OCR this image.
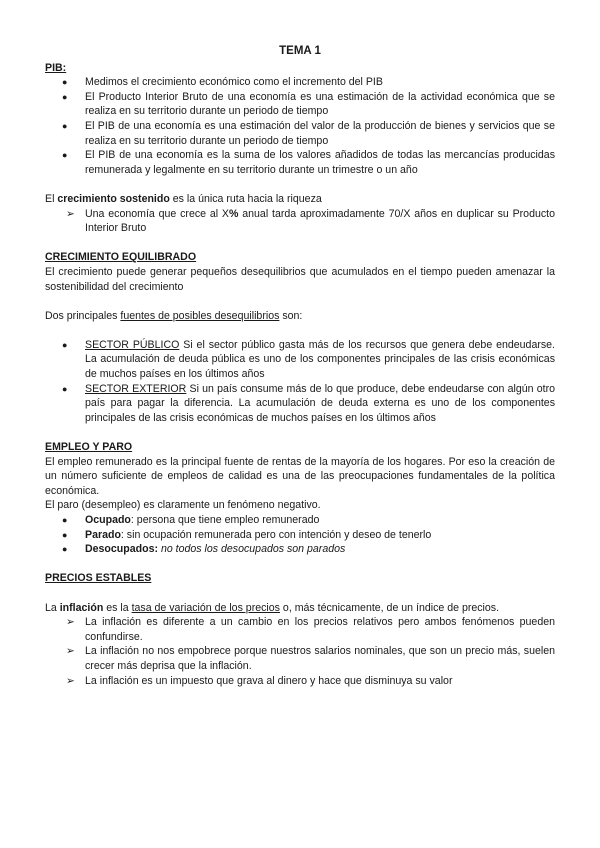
TEMA 1
PIB:
● Medimos el crecimiento económico como el incremento del PIB
● El Producto Interior Bruto de una economía es una estimación de la actividad económica que se realiza en su territorio durante un periodo de tiempo
● El PIB de una economía es una estimación del valor de la producción de bienes y servicios que se realiza en su territorio durante un periodo de tiempo
● El PIB de una economía es la suma de los valores añadidos de todas las mercancías producidas remunerada y legalmente en su territorio durante un trimestre o un año

El crecimiento sostenido es la única ruta hacia la riqueza

➢ Una economía que crece al X% anual tarda aproximadamente 70/X años en duplicar su Producto Interior Bruto
CRECIMIENTO EQUILIBRADO

El crecimiento puede generar pequeños desequilibrios que acumulados en el tiempo pueden amenazar la sostenibilidad del crecimiento

Dos principales fuentes de posibles desequilibrios son:

● SECTOR PÚBLICO Si el sector público gasta más de los recursos que genera debe endeudarse. La acumulación de deuda pública es uno de los componentes principales de las crisis económicas de muchos países en los últimos años
● SECTOR EXTERIOR Si un país consume más de lo que produce, debe endeudarse con algún otro país para pagar la diferencia. La acumulación de deuda externa es uno de los componentes principales de las crisis económicas de muchos países en los últimos años
EMPLEO Y PARO

El empleo remunerado es la principal fuente de rentas de la mayoría de los hogares. Por eso la creación de un número suficiente de empleos de calidad es una de las preocupaciones fundamentales de la política económica.

El paro (desempleo) es claramente un fenómeno negativo.

● Ocupado: persona que tiene empleo remunerado
● Parado: sin ocupación remunerada pero con intención y deseo de tenerlo
● Desocupados: no todos los desocupados son parados
PRECIOS ESTABLES

La inflación es la tasa de variación de los precios o, más técnicamente, de un índice de precios.

➢ La inflación es diferente a un cambio en los precios relativos pero ambos fenómenos pueden confundirse.
➢ La inflación no nos empobrece porque nuestros salarios nominales, que son un precio más, suelen crecer más deprisa que la inflación.
➢ La inflación es un impuesto que grava al dinero y hace que disminuya su valor
